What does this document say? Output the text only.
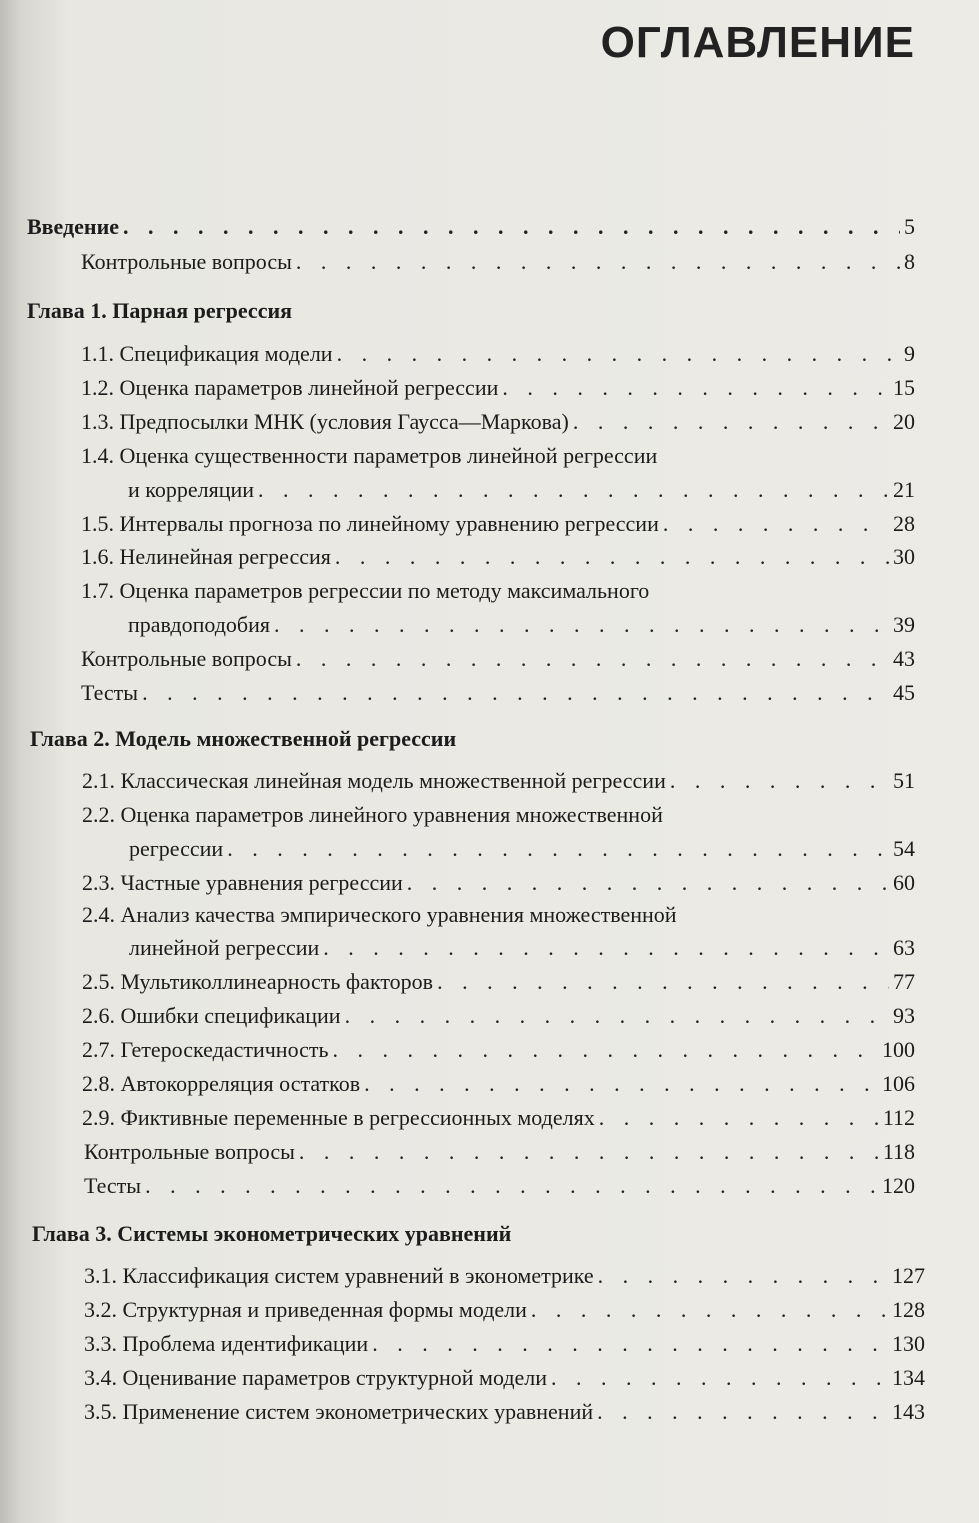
ОГЛАВЛЕНИЕ
Введение . . .	5
Контрольные вопросы . . .	8
Глава 1. Парная регрессия
1.1. Спецификация модели . . .	9
1.2. Оценка параметров линейной регрессии . . .	15
1.3. Предпосылки МНК (условия Гаусса—Маркова) . . .	20
1.4. Оценка существенности параметров линейной регрессии
и корреляции . . .	21
1.5. Интервалы прогноза по линейному уравнению регрессии . . .	28
1.6. Нелинейная регрессия . . .	30
1.7. Оценка параметров регрессии по методу максимального
правдоподобия . . .	39
Контрольные вопросы . . .	43
Тесты . . .	45
Глава 2. Модель множественной регрессии
2.1. Классическая линейная модель множественной регрессии . . .	51
2.2. Оценка параметров линейного уравнения множественной
регрессии . . .	54
2.3. Частные уравнения регрессии . . .	60
2.4. Анализ качества эмпирического уравнения множественной
линейной регрессии . . .	63
2.5. Мультиколлинеарность факторов . . .	77
2.6. Ошибки спецификации . . .	93
2.7. Гетероскедастичность . . .	100
2.8. Автокорреляция остатков . . .	106
2.9. Фиктивные переменные в регрессионных моделях . . .	112
Контрольные вопросы . . .	118
Тесты . . .	120
Глава 3. Системы эконометрических уравнений
3.1. Классификация систем уравнений в эконометрике . . .	127
3.2. Структурная и приведенная формы модели . . .	128
3.3. Проблема идентификации . . .	130
3.4. Оценивание параметров структурной модели . . .	134
3.5. Применение систем эконометрических уравнений . . .	143
